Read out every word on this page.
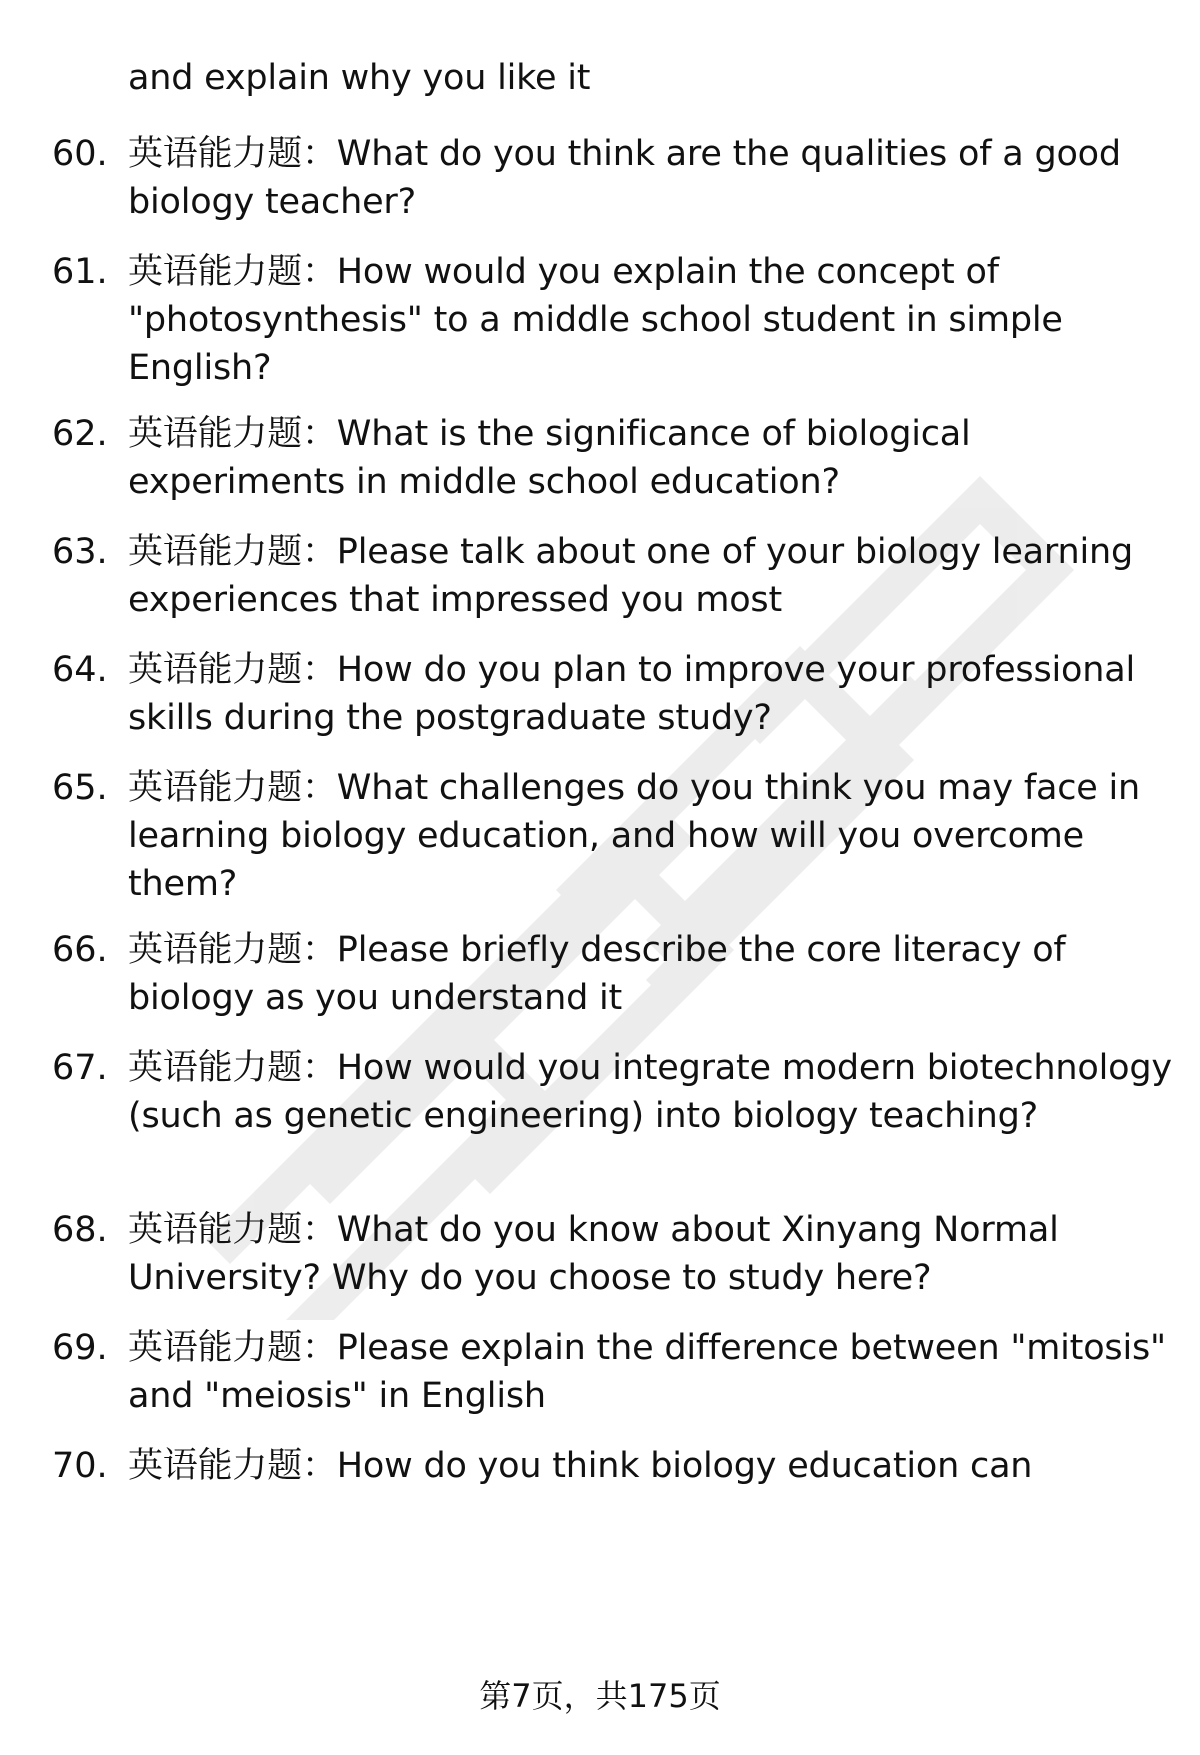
and explain why you like it
60. 英语能力题：What do you think are the qualities of a good biology teacher?
61. 英语能力题：How would you explain the concept of "photosynthesis" to a middle school student in simple English?
62. 英语能力题：What is the significance of biological experiments in middle school education?
63. 英语能力题：Please talk about one of your biology learning experiences that impressed you most
64. 英语能力题：How do you plan to improve your professional skills during the postgraduate study?
65. 英语能力题：What challenges do you think you may face in learning biology education, and how will you overcome them?
66. 英语能力题：Please briefly describe the core literacy of biology as you understand it
67. 英语能力题：How would you integrate modern biotechnology (such as genetic engineering) into biology teaching?
68. 英语能力题：What do you know about Xinyang Normal University? Why do you choose to study here?
69. 英语能力题：Please explain the difference between "mitosis" and "meiosis" in English
70. 英语能力题：How do you think biology education can
第7页，共175页
